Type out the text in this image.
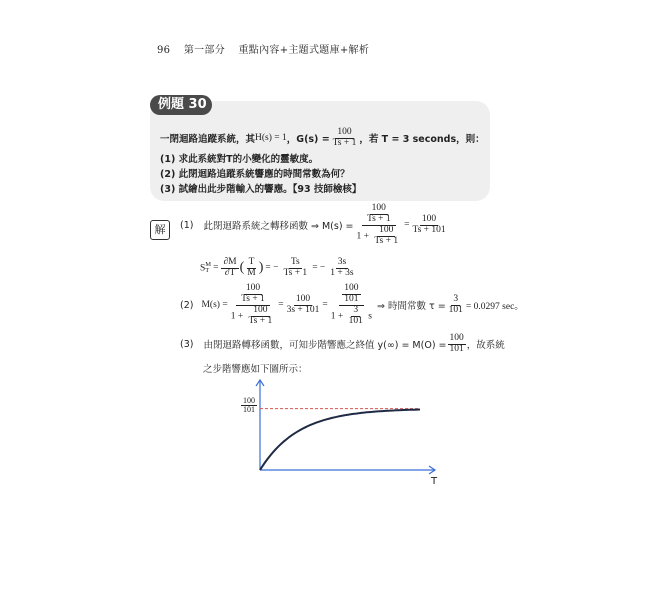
96 第一部分 重點內容+主題式題庫+解析
例題 30
一閉迴路追蹤系統，其 H(s) = 1 ，$G(s) = \frac{100}{Ts + 1}$ ，若 T = 3 seconds，則：
(1) 求此系統對T的小變化的靈敏度。
(2) 此閉迴路追蹤系統響應的時間常數為何？
(3) 試繪出此步階輸入的響應。【93 技師檢核】
解	(1) 此閉迴路系統之轉移函數 ⇒ $M(s) = \frac{\frac{100}{Ts + 1}}{1 + \frac{100}{Ts + 1}} = \frac{100}{Ts + 101}$
S M
$T = \frac{\partial M}{\partial T}$ ( $\frac{T}{M}$ ) = − $\frac{Ts}{Ts + 1}$ = − $\frac{3s}{1 + 3s}$
(2) $M(s) = \frac{\frac{100}{Ts + 1}}{1 + \frac{100}{Ts + 1}} = \frac{100}{3s + 101} = \frac{\frac{100}{101}}{1 + \frac{3}{101} s}$ ⇒ 時間常數 $\tau = \frac{3}{101} = 0.0297$ sec。
(3) 由閉迴路轉移函數，可知步階響應之終值 $y(\infty) = M(O) = \frac{100}{101}$ ，故系統
之步階響應如下圖所示：
$\frac{100}{101}$
T
